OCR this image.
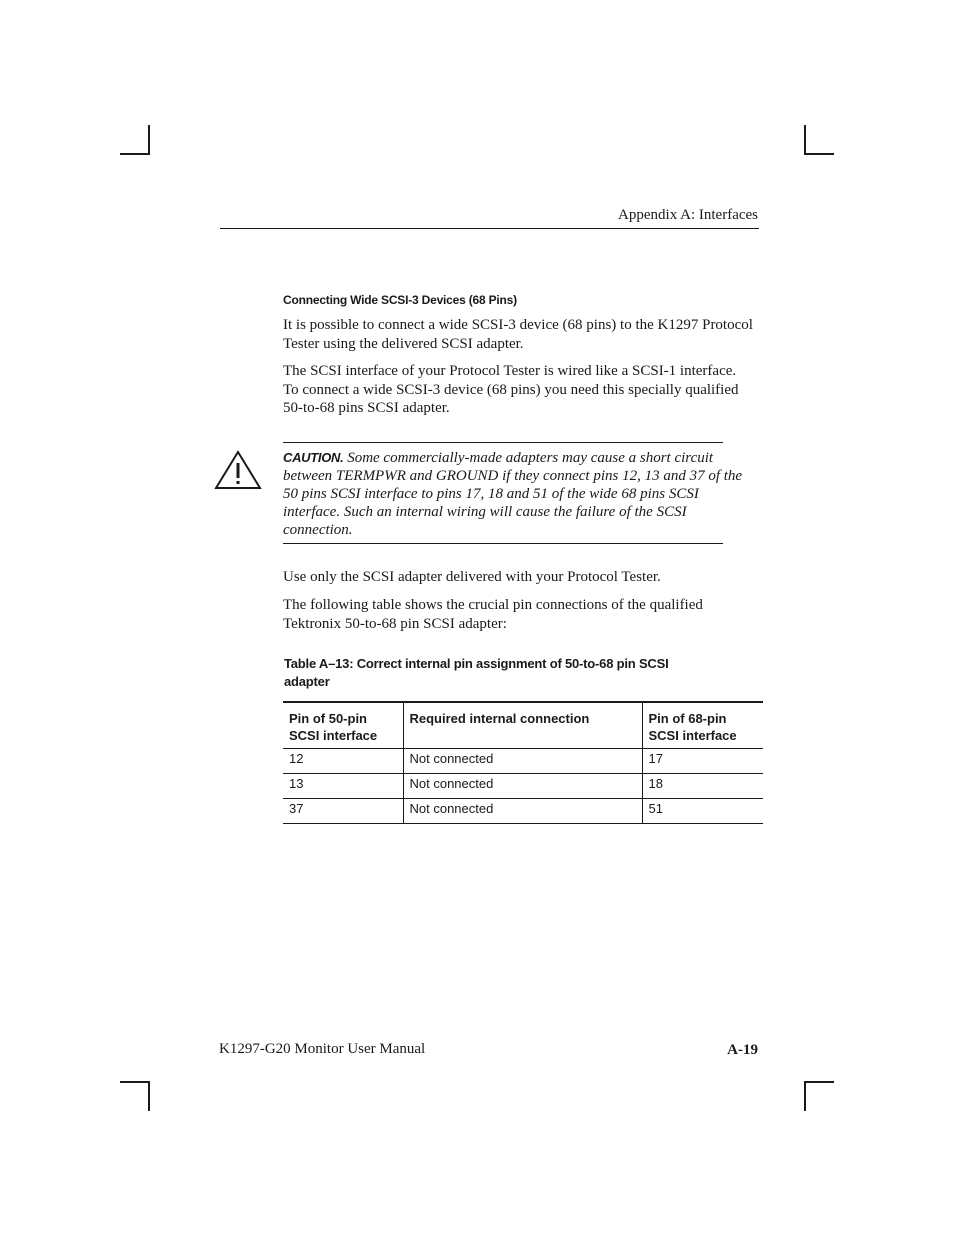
Appendix A: Interfaces
Connecting Wide SCSI-3 Devices (68 Pins)
It is possible to connect a wide SCSI-3 device (68 pins) to the K1297 Protocol Tester using the delivered SCSI adapter.
The SCSI interface of your Protocol Tester is wired like a SCSI-1 interface. To connect a wide SCSI-3 device (68 pins) you need this specially qualified 50-to-68 pins SCSI adapter.
CAUTION. Some commercially-made adapters may cause a short circuit between TERMPWR and GROUND if they connect pins 12, 13 and 37 of the 50 pins SCSI interface to pins 17, 18 and 51 of the wide 68 pins SCSI interface. Such an internal wiring will cause the failure of the SCSI connection.
Use only the SCSI adapter delivered with your Protocol Tester.
The following table shows the crucial pin connections of the qualified Tektronix 50-to-68 pin SCSI adapter:
Table A–13: Correct internal pin assignment of 50-to-68 pin SCSI adapter
Pin of 50-pin SCSI interface	Required internal connection	Pin of 68-pin SCSI interface
12	Not connected	17
13	Not connected	18
37	Not connected	51
K1297-G20 Monitor User Manual	A-19
